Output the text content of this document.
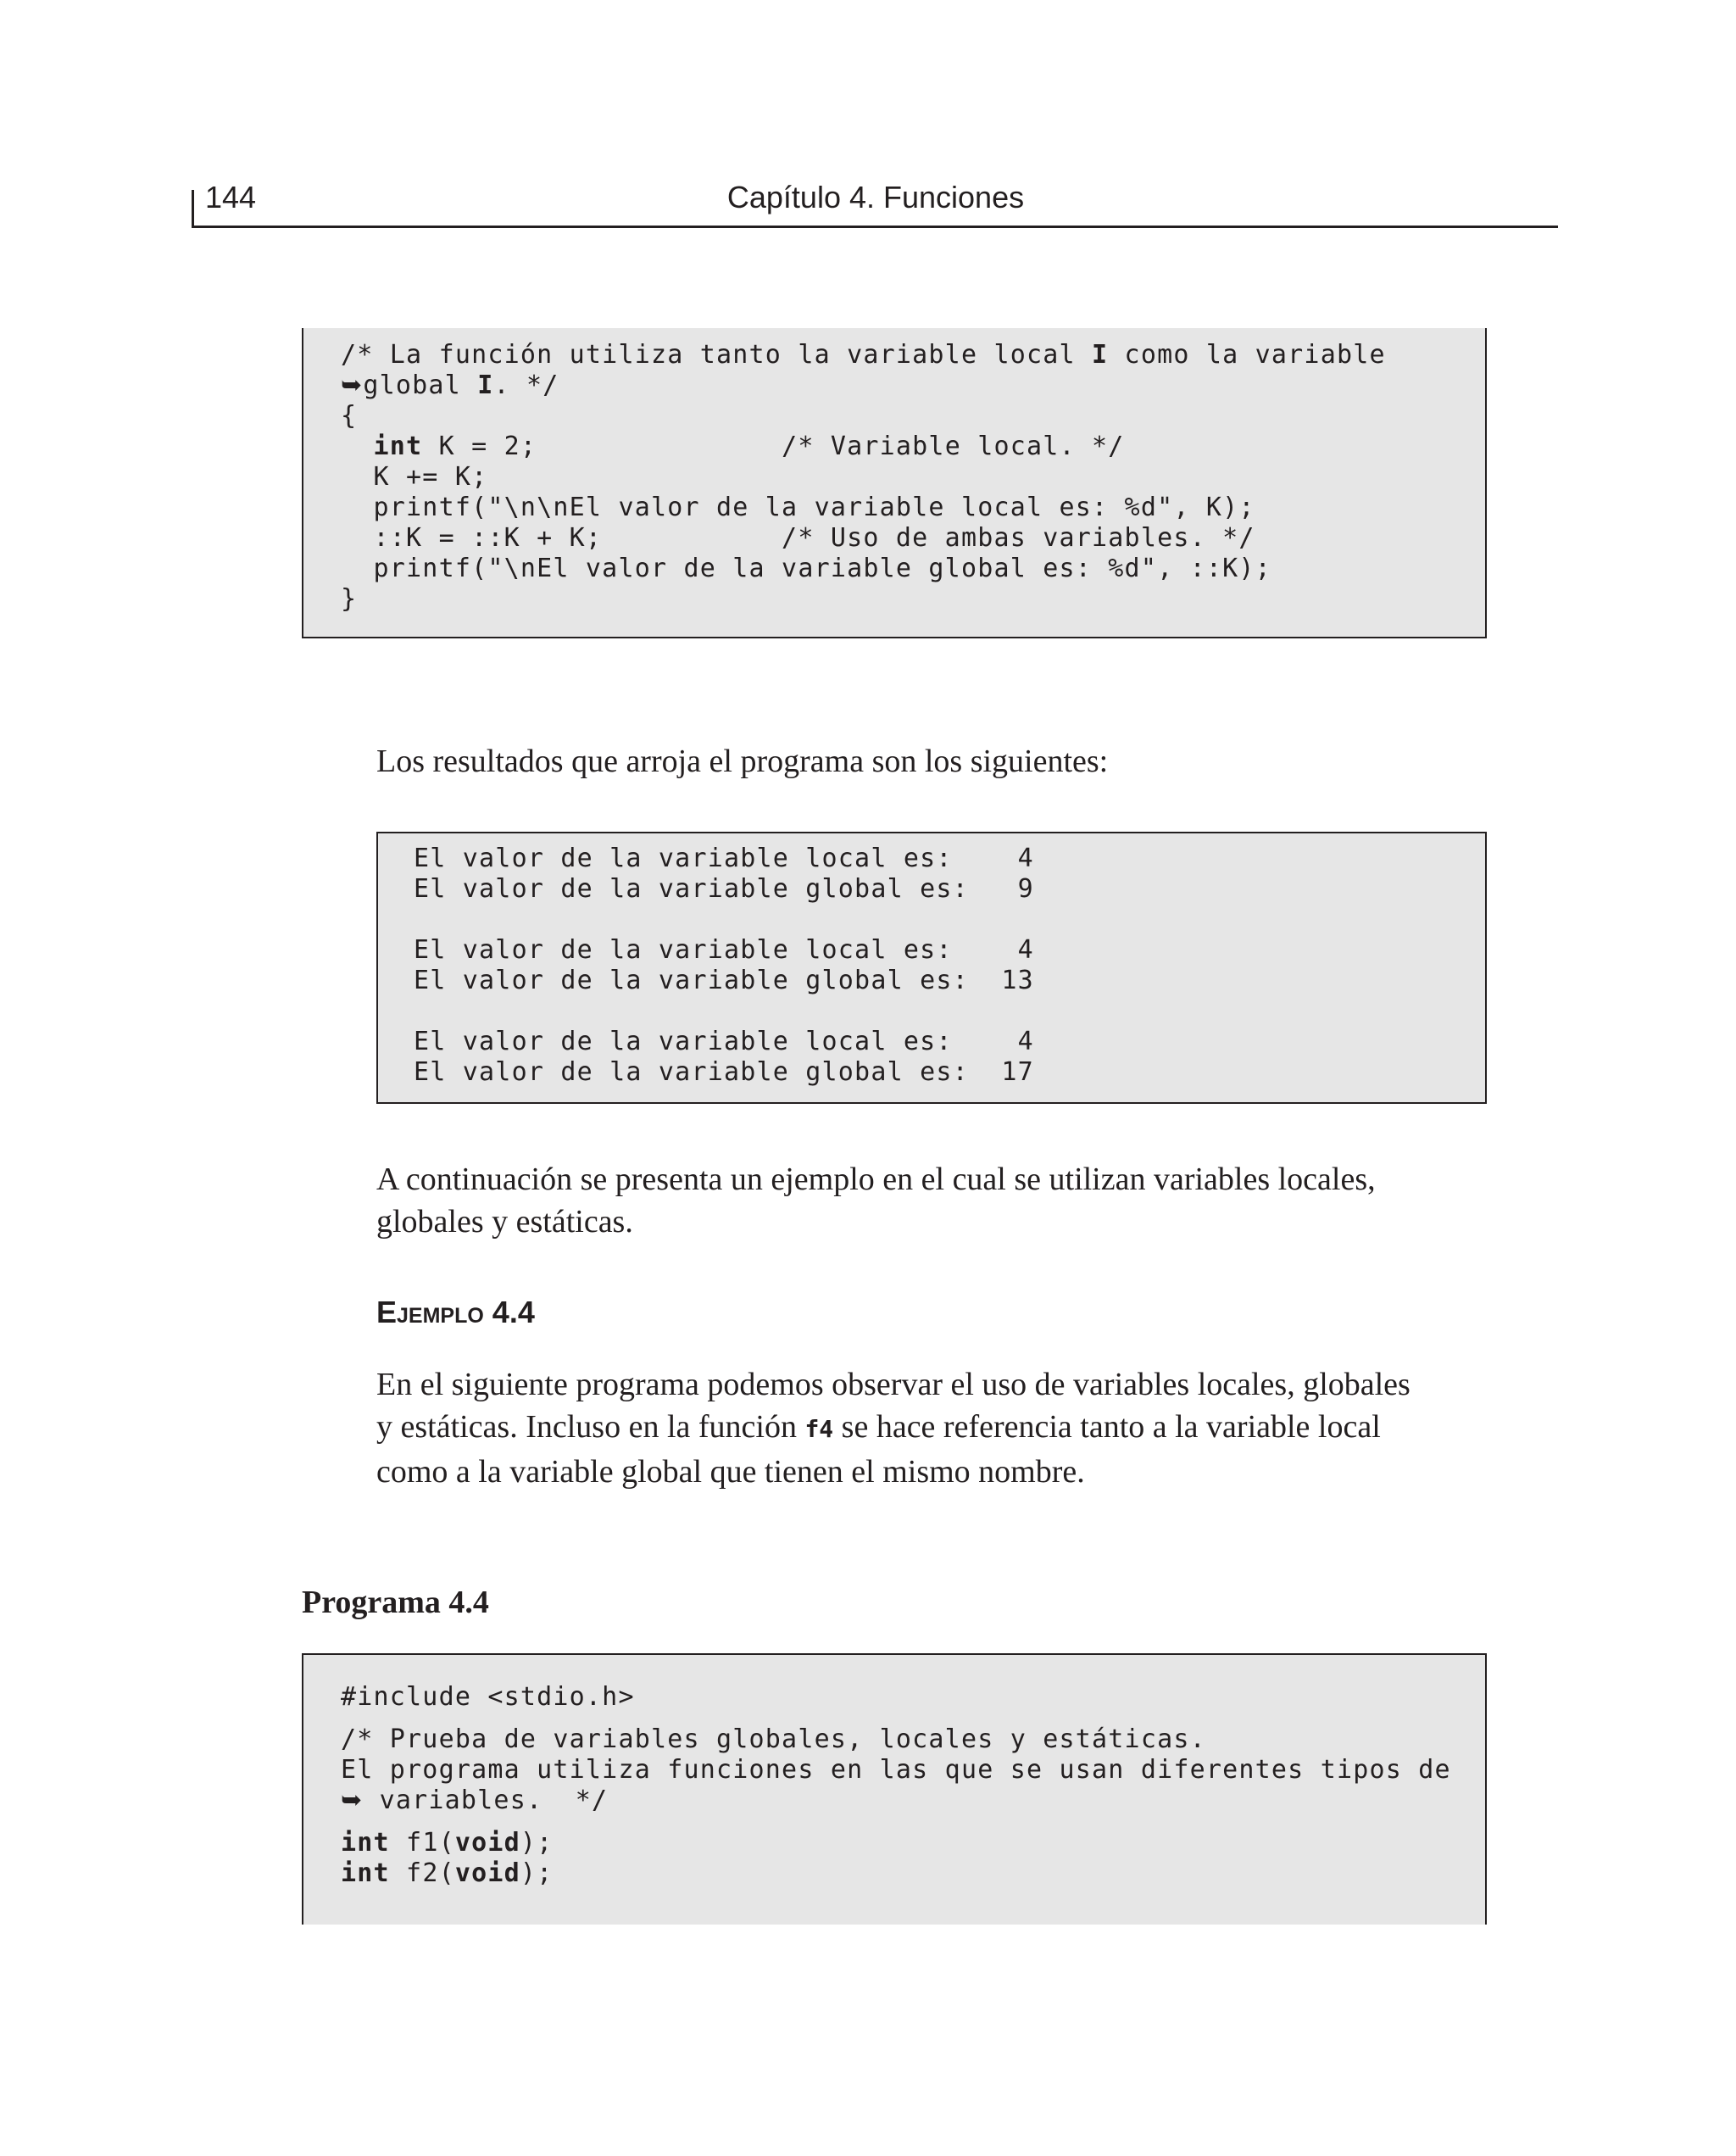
144	Capítulo 4. Funciones
/* La función utiliza tanto la variable local I como la variable
➥global I. */
{
int K = 2;               /* Variable local. */
K += K;
printf("\n\nEl valor de la variable local es: %d", K);
::K = ::K + K;           /* Uso de ambas variables. */
printf("\nEl valor de la variable global es: %d", ::K);
}
Los resultados que arroja el programa son los siguientes:
El valor de la variable local es:    4
El valor de la variable global es:   9
El valor de la variable local es:    4
El valor de la variable global es:  13
El valor de la variable local es:    4
El valor de la variable global es:  17
A continuación se presenta un ejemplo en el cual se utilizan variables locales,
globales y estáticas.
Ejemplo 4.4
En el siguiente programa podemos observar el uso de variables locales, globales
y estáticas. Incluso en la función f4 se hace referencia tanto a la variable local
como a la variable global que tienen el mismo nombre.
Programa 4.4
#include <stdio.h>
/* Prueba de variables globales, locales y estáticas.
El programa utiliza funciones en las que se usan diferentes tipos de
➥ variables.  */
int f1(void);
int f2(void);
